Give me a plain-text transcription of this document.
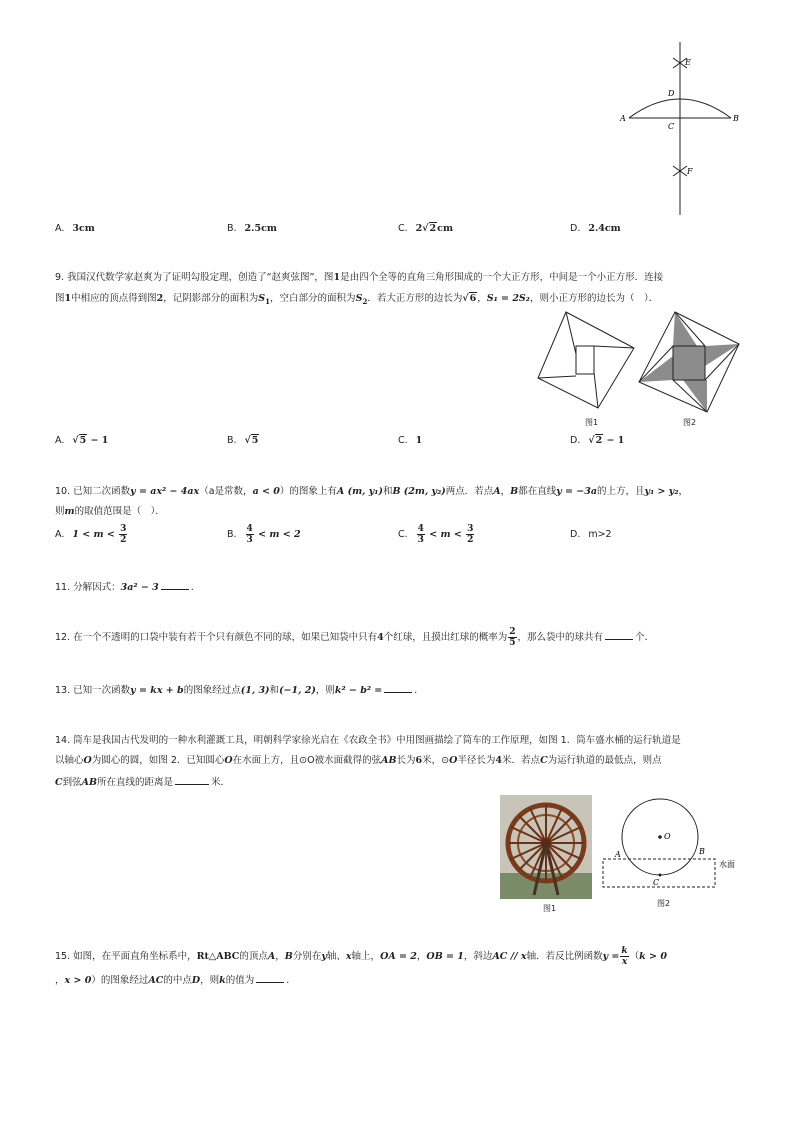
E
D
A
C
B
F
A. 3cm	B. 2.5cm	C. 2√2cm	D. 2.4cm
9. 我国汉代数学家赵爽为了证明勾股定理，创造了“赵爽弦图”，图1是由四个全等的直角三角形围成的一个大正方形，中间是一个小正方形．连接
图1中相应的顶点得到图2，记阴影部分的面积为$S_1$，空白部分的面积为$S_2$．若大正方形的边长为√6，S₁ = 2S₂，则小正方形的边长为（　）．
图1	图2
A. √5 − 1	B. √5	C. 1	D. √2 − 1
10. 已知二次函数y = ax² − 4ax（a是常数，a < 0）的图象上有A (m, y₁)和B (2m, y₂)两点．若点A，B都在直线y = −3a的上方，且y₁ > y₂，
则m的取值范围是（　）．
A. $1 < m < \frac{3}{2}$	B. $\frac{4}{3} < m < 2$	C. $\frac{4}{3} < m < \frac{3}{2}$	D. m>2
11. 分解因式：3a² − 3	．
12. 在一个不透明的口袋中装有若干个只有颜色不同的球，如果已知袋中只有4个红球，且摸出红球的概率为 $\frac{2}{5}$ ，那么袋中的球共有	个．
13. 已知一次函数y = kx + b的图象经过点(1, 3)和(−1, 2)，则k² − b² =	．
14. 筒车是我国古代发明的一种水利灌溉工具，明朝科学家徐光启在《农政全书》中用图画描绘了筒车的工作原理，如图 1．筒车盛水桶的运行轨道是
以轴心O为圆心的圆，如图 2．已知圆心O在水面上方，且⊙O被水面截得的弦AB长为6米，⊙O半径长为4米．若点C为运行轨道的最低点，则点
C到弦AB所在直线的距离是	米．
图1
O
A	B
C
水面
图2
15. 如图，在平面直角坐标系中，Rt△ABC的顶点A，B分别在y轴、x轴上，OA = 2，OB = 1，斜边AC // x轴．若反比例函数$y = \frac{k}{x} (k > 0$
，x > 0）的图象经过AC的中点D，则k的值为	．
